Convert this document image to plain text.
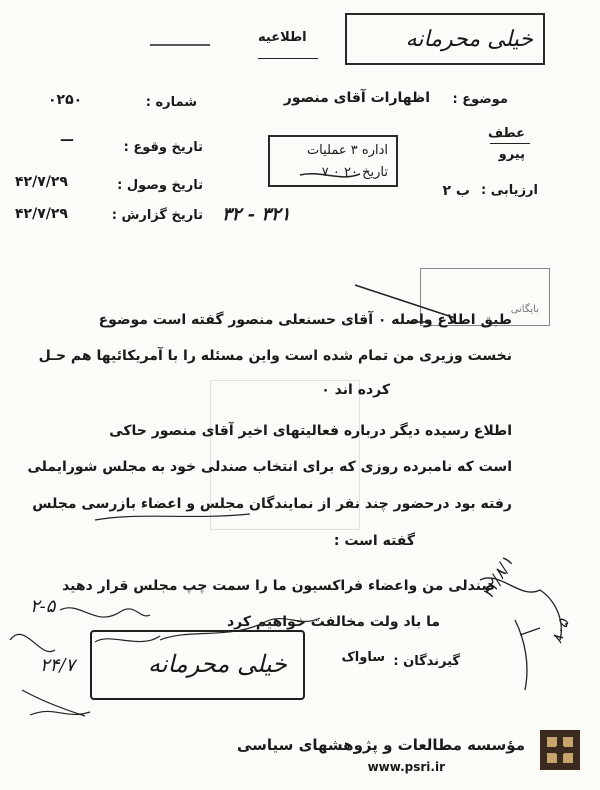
خیلی محرمانه
اطلاعیه
موضوع :
اظهارات آقای منصور
شماره :
۰۲۵۰
عطف
پیرو
تاریخ وقوع :
—
تاریخ وصول :
۴۲/۷/۲۹
تاریخ گزارش :
۴۲/۷/۲۹
ارزیابی :
ب ۲
اداره ۳ عملیات
تاریخ ۲۰ ۰ ۷
۳۲۱ - ۳۲
بایگانی
طبق اطلاع واصله ۰ آقای حسنعلی منصور گفته است موضوع
نخست وزیری من تمام شده است واین مسئله را با آمریکائیها هم حـل
کرده اند ۰
اطلاع رسیده دیگر درباره فعالیتهای اخیر آقای منصور حاکی
است که نامبرده روزی که برای انتخاب صندلی خود به مجلس شورایملی
رفته بود درحضور چند نفر از نمایندگان مجلس و اعضاء بازرسی مجلس
گفته است :
صندلی من واعضاء فراکسیون ما را سمت چپ مجلس قرار دهید
ما باد ولت مخالفت خواهیم کرد
گیرندگان :
ساواک
خیلی محرمانه
۲-۵
۲۴/۷
۴۲/۸/۱
۸۰۵
مؤسسه مطالعات و پژوهشهای سیاسی
www.psri.ir
